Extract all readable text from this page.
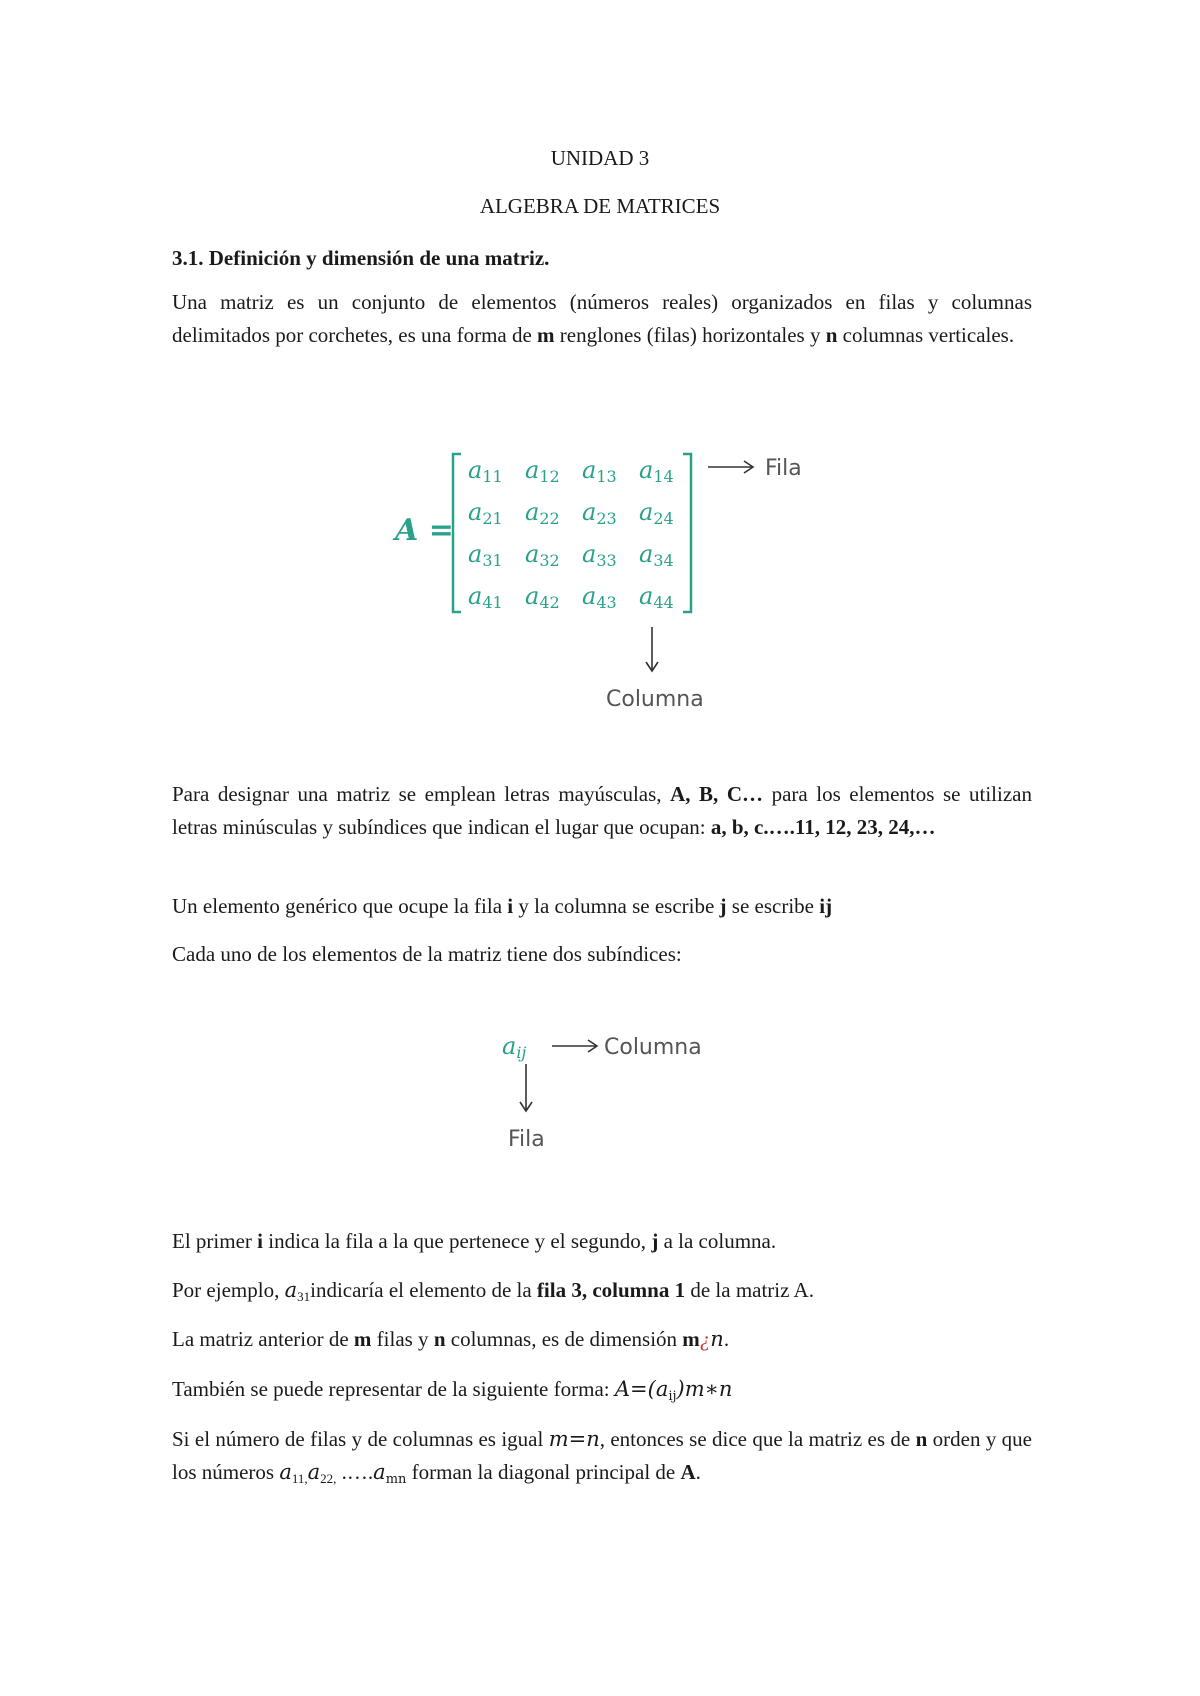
UNIDAD 3
ALGEBRA DE MATRICES
3.1. Definición y dimensión de una matriz.
Una matriz es un conjunto de elementos (números reales) organizados en filas y columnas delimitados por corchetes, es una forma de m renglones (filas) horizontales y n columnas verticales.
A =
a11 a12 a13 a14
a21 a22 a23 a24
a31 a32 a33 a34
a41 a42 a43 a44
Fila
Columna
Para designar una matriz se emplean letras mayúsculas, A, B, C… para los elementos se utilizan letras minúsculas y subíndices que indican el lugar que ocupan: a, b, c.….11, 12, 23, 24,…
Un elemento genérico que ocupe la fila i y la columna se escribe j se escribe ij
Cada uno de los elementos de la matriz tiene dos subíndices:
aij	Columna
Fila
El primer i indica la fila a la que pertenece y el segundo, j a la columna.
Por ejemplo, $a_{31}indicaría$ el elemento de la fila 3, columna 1 de la matriz A.
La matriz anterior de m filas y n columnas, es de dimensión m¿n.
También se puede representar de la siguiente forma: $A=(a_{ij})m∗n$
Si el número de filas y de columnas es igual m=n, entonces se dice que la matriz es de n orden y que los números $a_{11,}a_{22,}$ $.\dots.a_{mn}$ forman la diagonal principal de A.
